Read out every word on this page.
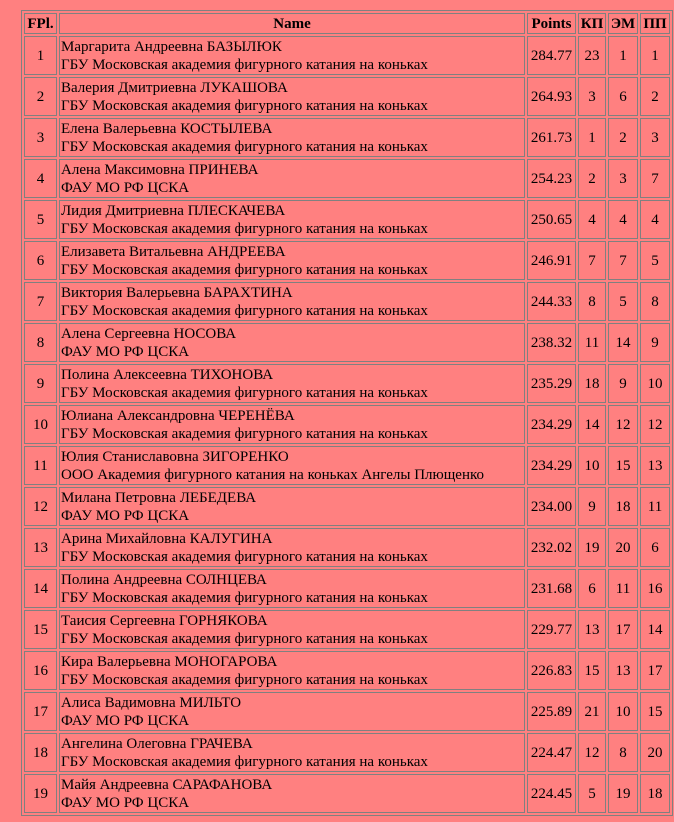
FPl.	Name	Points	КП	ЭМ	ПП
1	Маргарита Андреевна БАЗЫЛЮК
ГБУ Московская академия фигурного катания на коньках	284.77	23	1	1
2	Валерия Дмитриевна ЛУКАШОВА
ГБУ Московская академия фигурного катания на коньках	264.93	3	6	2
3	Елена Валерьевна КОСТЫЛЕВА
ГБУ Московская академия фигурного катания на коньках	261.73	1	2	3
4	Алена Максимовна ПРИНЕВА
ФАУ МО РФ ЦСКА	254.23	2	3	7
5	Лидия Дмитриевна ПЛЕСКАЧЕВА
ГБУ Московская академия фигурного катания на коньках	250.65	4	4	4
6	Елизавета Витальевна АНДРЕЕВА
ГБУ Московская академия фигурного катания на коньках	246.91	7	7	5
7	Виктория Валерьевна БАРАХТИНА
ГБУ Московская академия фигурного катания на коньках	244.33	8	5	8
8	Алена Сергеевна НОСОВА
ФАУ МО РФ ЦСКА	238.32	11	14	9
9	Полина Алексеевна ТИХОНОВА
ГБУ Московская академия фигурного катания на коньках	235.29	18	9	10
10	Юлиана Александровна ЧЕРЕНЁВА
ГБУ Московская академия фигурного катания на коньках	234.29	14	12	12
11	Юлия Станиславовна ЗИГОРЕНКО
ООО Академия фигурного катания на коньках Ангелы Плющенко	234.29	10	15	13
12	Милана Петровна ЛЕБЕДЕВА
ФАУ МО РФ ЦСКА	234.00	9	18	11
13	Арина Михайловна КАЛУГИНА
ГБУ Московская академия фигурного катания на коньках	232.02	19	20	6
14	Полина Андреевна СОЛНЦЕВА
ГБУ Московская академия фигурного катания на коньках	231.68	6	11	16
15	Таисия Сергеевна ГОРНЯКОВА
ГБУ Московская академия фигурного катания на коньках	229.77	13	17	14
16	Кира Валерьевна МОНОГАРОВА
ГБУ Московская академия фигурного катания на коньках	226.83	15	13	17
17	Алиса Вадимовна МИЛЬТО
ФАУ МО РФ ЦСКА	225.89	21	10	15
18	Ангелина Олеговна ГРАЧЕВА
ГБУ Московская академия фигурного катания на коньках	224.47	12	8	20
19	Майя Андреевна САРАФАНОВА
ФАУ МО РФ ЦСКА	224.45	5	19	18
